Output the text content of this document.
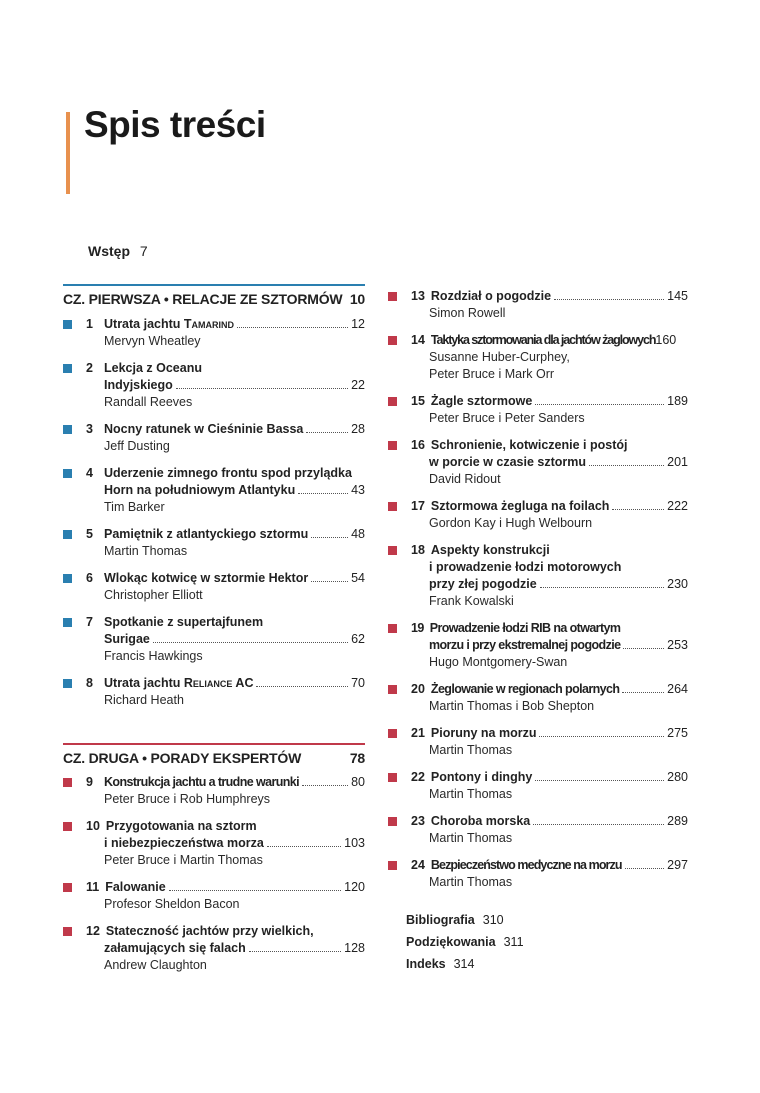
Spis treści
Wstęp 7
CZ. PIERWSZA • RELACJE ZE SZTORMÓW 10
1 Utrata jachtu Tamarind	12
Mervyn Wheatley
2 Lekcja z Oceanu
Indyjskiego	22
Randall Reeves
3 Nocny ratunek w Cieśninie Bassa	28
Jeff Dusting
4 Uderzenie zimnego frontu spod przylądka
Horn na południowym Atlantyku	43
Tim Barker
5 Pamiętnik z atlantyckiego sztormu	48
Martin Thomas
6 Wlokąc kotwicę w sztormie Hektor	54
Christopher Elliott
7 Spotkanie z supertajfunem
Surigae	62
Francis Hawkings
8 Utrata jachtu Reliance AC	70
Richard Heath
CZ. DRUGA • PORADY EKSPERTÓW	78
9 Konstrukcja jachtu a trudne warunki	80
Peter Bruce i Rob Humphreys
10 Przygotowania na sztorm
i niebezpieczeństwa morza	103
Peter Bruce i Martin Thomas
11 Falowanie	120
Profesor Sheldon Bacon
12 Stateczność jachtów przy wielkich,
załamujących się falach	128
Andrew Claughton
13 Rozdział o pogodzie	145
Simon Rowell
14 Taktyka sztormowania dla jachtów żaglowych 160
Susanne Huber-Curphey,
Peter Bruce i Mark Orr
15 Żagle sztormowe	189
Peter Bruce i Peter Sanders
16 Schronienie, kotwiczenie i postój
w porcie w czasie sztormu	201
David Ridout
17 Sztormowa żegluga na foilach	222
Gordon Kay i Hugh Welbourn
18 Aspekty konstrukcji
i prowadzenie łodzi motorowych
przy złej pogodzie	230
Frank Kowalski
19 Prowadzenie łodzi RIB na otwartym
morzu i przy ekstremalnej pogodzie	253
Hugo Montgomery-Swan
20 Żeglowanie w regionach polarnych	264
Martin Thomas i Bob Shepton
21 Pioruny na morzu	275
Martin Thomas
22 Pontony i dinghy	280
Martin Thomas
23 Choroba morska	289
Martin Thomas
24 Bezpieczeństwo medyczne na morzu	297
Martin Thomas
Bibliografia 310
Podziękowania 311
Indeks 314
